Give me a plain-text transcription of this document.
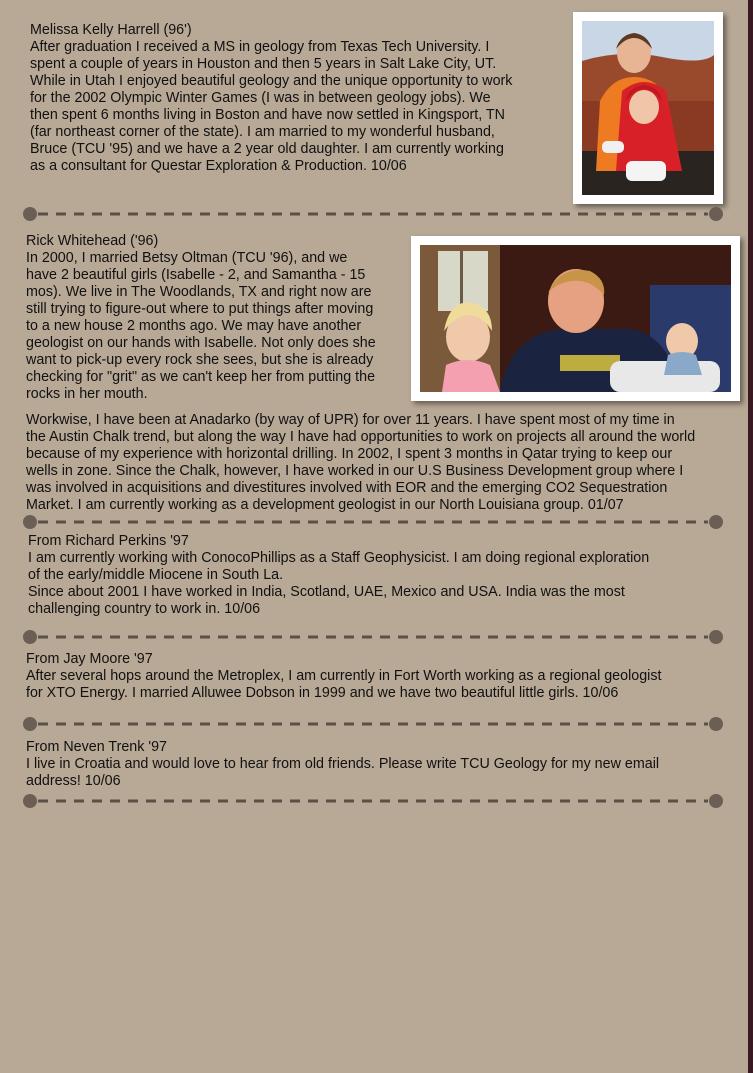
Melissa Kelly Harrell (96')

After graduation I received a MS in geology from Texas Tech University. I
spent a couple of years in Houston and then 5 years in Salt Lake City, UT.
While in Utah I enjoyed beautiful geology and the unique opportunity to work
for the 2002 Olympic Winter Games (I was in between geology jobs). We
then spent 6 months living in Boston and have now settled in Kingsport, TN
(far northeast corner of the state). I am married to my wonderful husband,
Bruce (TCU '95) and we have a 2 year old daughter. I am currently working
as a consultant for Questar Exploration & Production. 10/06

Rick Whitehead ('96)

In 2000, I married Betsy Oltman (TCU '96), and we
have 2 beautiful girls (Isabelle - 2, and Samantha - 15
mos). We live in The Woodlands, TX and right now are
still trying to figure-out where to put things after moving
to a new house 2 months ago. We may have another
geologist on our hands with Isabelle. Not only does she
want to pick-up every rock she sees, but she is already
checking for "grit" as we can't keep her from putting the
rocks in her mouth.

Workwise, I have been at Anadarko (by way of UPR) for over 11 years. I have spent most of my time in
the Austin Chalk trend, but along the way I have had opportunities to work on projects all around the world
because of my experience with horizontal drilling. In 2002, I spent 3 months in Qatar trying to keep our
wells in zone. Since the Chalk, however, I have worked in our U.S Business Development group where I
was involved in acquisitions and divestitures involved with EOR and the emerging CO2 Sequestration
Market. I am currently working as a development geologist in our North Louisiana group. 01/07

From Richard Perkins '97

I am currently working with ConocoPhillips as a Staff Geophysicist. I am doing regional exploration
of the early/middle Miocene in South La.
Since about 2001 I have worked in India, Scotland, UAE, Mexico and USA. India was the most
challenging country to work in. 10/06

From Jay Moore '97

After several hops around the Metroplex, I am currently in Fort Worth working as a regional geologist
for XTO Energy. I married Alluwee Dobson in 1999 and we have two beautiful little girls. 10/06

From Neven Trenk '97

I live in Croatia and would love to hear from old friends. Please write TCU Geology for my new email
address! 10/06
